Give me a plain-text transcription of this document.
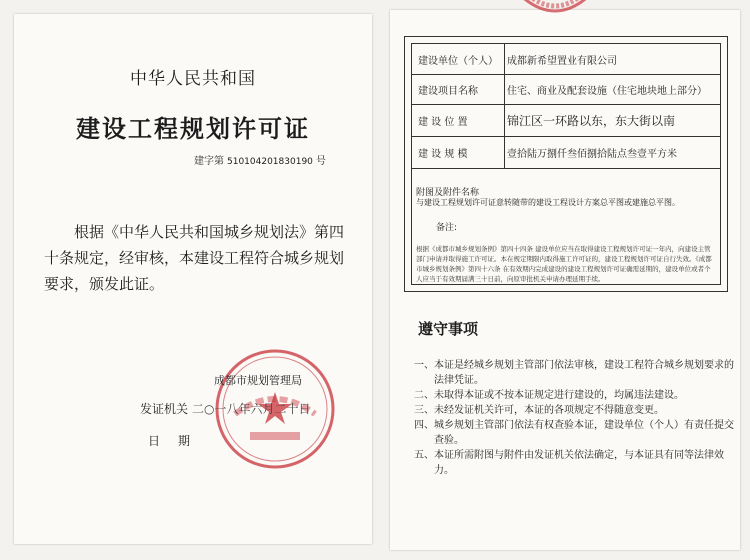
中华人民共和国
建设工程规划许可证
建字第 510104201830190 号
根据《中华人民共和国城乡规划法》第四十条规定，经审核，本建设工程符合城乡规划要求，颁发此证。
成都市规划管理局
发证机关 二○一八年六月二十日
日期
建设单位（个人） 成都新希望置业有限公司
建设项目名称	住宅、商业及配套设施（住宅地块地上部分）
建 设 位 置	锦江区一环路以东，东大街以南
建 设 规 模	壹拾陆万捌仟叁佰捌拾陆点叁壹平方米
附图及附件名称
与建设工程规划许可证意转随带的建设工程设计方案总平图或建施总平图。
备注:
根据《成都市城乡规划条例》第四十四条 建设单位应当在取得建设工程规划许可证一年内，向建设主管部门申请并取得施工许可证。本在规定期限内取得施工许可证的，建设工程规划许可证自行失效。《成都市城乡规划条例》第四十六条 在有效期内完成建设的建设工程规划许可证确需延期的，建设单位或者个人应当于有效期届满三十日前，向原审批机关申请办理延期手续。
遵守事项
一、 本证是经城乡规划主管部门依法审核，建设工程符合城乡规划要求的法律凭证。
二、 未取得本证或不按本证规定进行建设的，均属违法建设。
三、 未经发证机关许可，本证的各项规定不得随意变更。
四、 城乡规划主管部门依法有权查验本证，建设单位（个人）有责任提交查验。
五、 本证所需附图与附件由发证机关依法确定，与本证具有同等法律效力。
